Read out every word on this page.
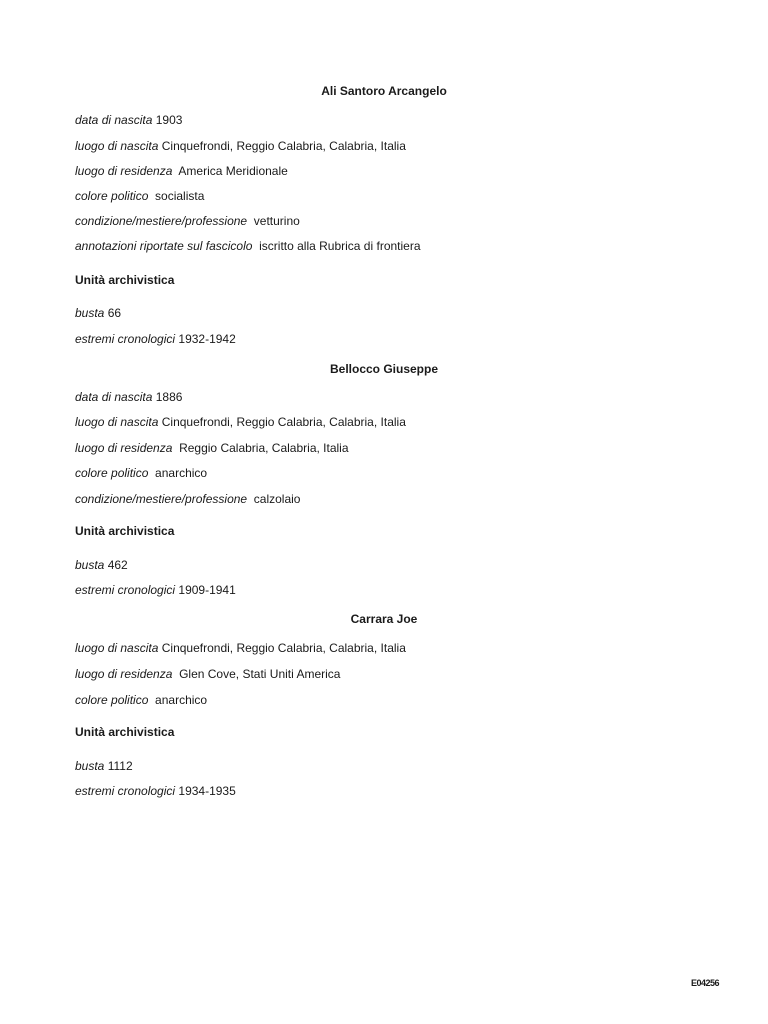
Ali Santoro Arcangelo
data di nascita 1903
luogo di nascita Cinquefrondi, Reggio Calabria, Calabria, Italia
luogo di residenza America Meridionale
colore politico socialista
condizione/mestiere/professione vetturino
annotazioni riportate sul fascicolo iscritto alla Rubrica di frontiera
Unità archivistica
busta 66
estremi cronologici 1932-1942
Bellocco Giuseppe
data di nascita 1886
luogo di nascita Cinquefrondi, Reggio Calabria, Calabria, Italia
luogo di residenza Reggio Calabria, Calabria, Italia
colore politico anarchico
condizione/mestiere/professione calzolaio
Unità archivistica
busta 462
estremi cronologici 1909-1941
Carrara Joe
luogo di nascita Cinquefrondi, Reggio Calabria, Calabria, Italia
luogo di residenza Glen Cove, Stati Uniti America
colore politico anarchico
Unità archivistica
busta 1112
estremi cronologici 1934-1935
E04256
